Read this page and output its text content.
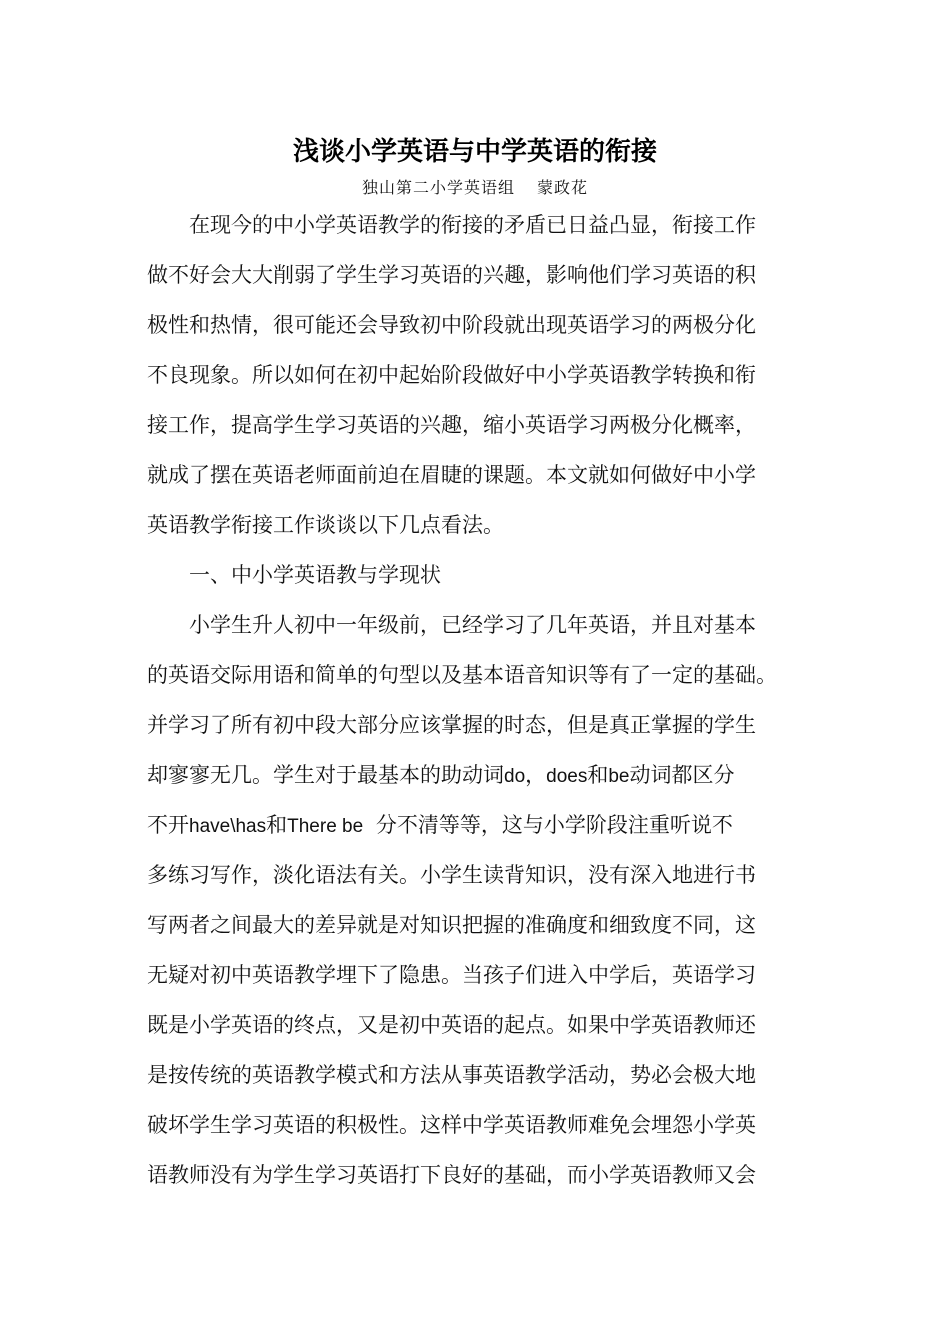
浅谈小学英语与中学英语的衔接
独山第二小学英语组 蒙政花
在现今的中小学英语教学的衔接的矛盾已日益凸显，衔接工作
做不好会大大削弱了学生学习英语的兴趣，影响他们学习英语的积
极性和热情，很可能还会导致初中阶段就出现英语学习的两极分化
不良现象。所以如何在初中起始阶段做好中小学英语教学转换和衔
接工作，提高学生学习英语的兴趣，缩小英语学习两极分化概率，
就成了摆在英语老师面前迫在眉睫的课题。本文就如何做好中小学
英语教学衔接工作谈谈以下几点看法。
一、中小学英语教与学现状
小学生升人初中一年级前，已经学习了几年英语，并且对基本
的英语交际用语和简单的句型以及基本语音知识等有了一定的基础。
并学习了所有初中段大部分应该掌握的时态，但是真正掌握的学生
却寥寥无几。学生对于最基本的助动词do，does和be动词都区分
不开have\has和There be 分不清等等，这与小学阶段注重听说不
多练习写作，淡化语法有关。小学生读背知识，没有深入地进行书
写两者之间最大的差异就是对知识把握的准确度和细致度不同，这
无疑对初中英语教学埋下了隐患。当孩子们进入中学后，英语学习
既是小学英语的终点，又是初中英语的起点。如果中学英语教师还
是按传统的英语教学模式和方法从事英语教学活动，势必会极大地
破坏学生学习英语的积极性。这样中学英语教师难免会埋怨小学英
语教师没有为学生学习英语打下良好的基础，而小学英语教师又会
